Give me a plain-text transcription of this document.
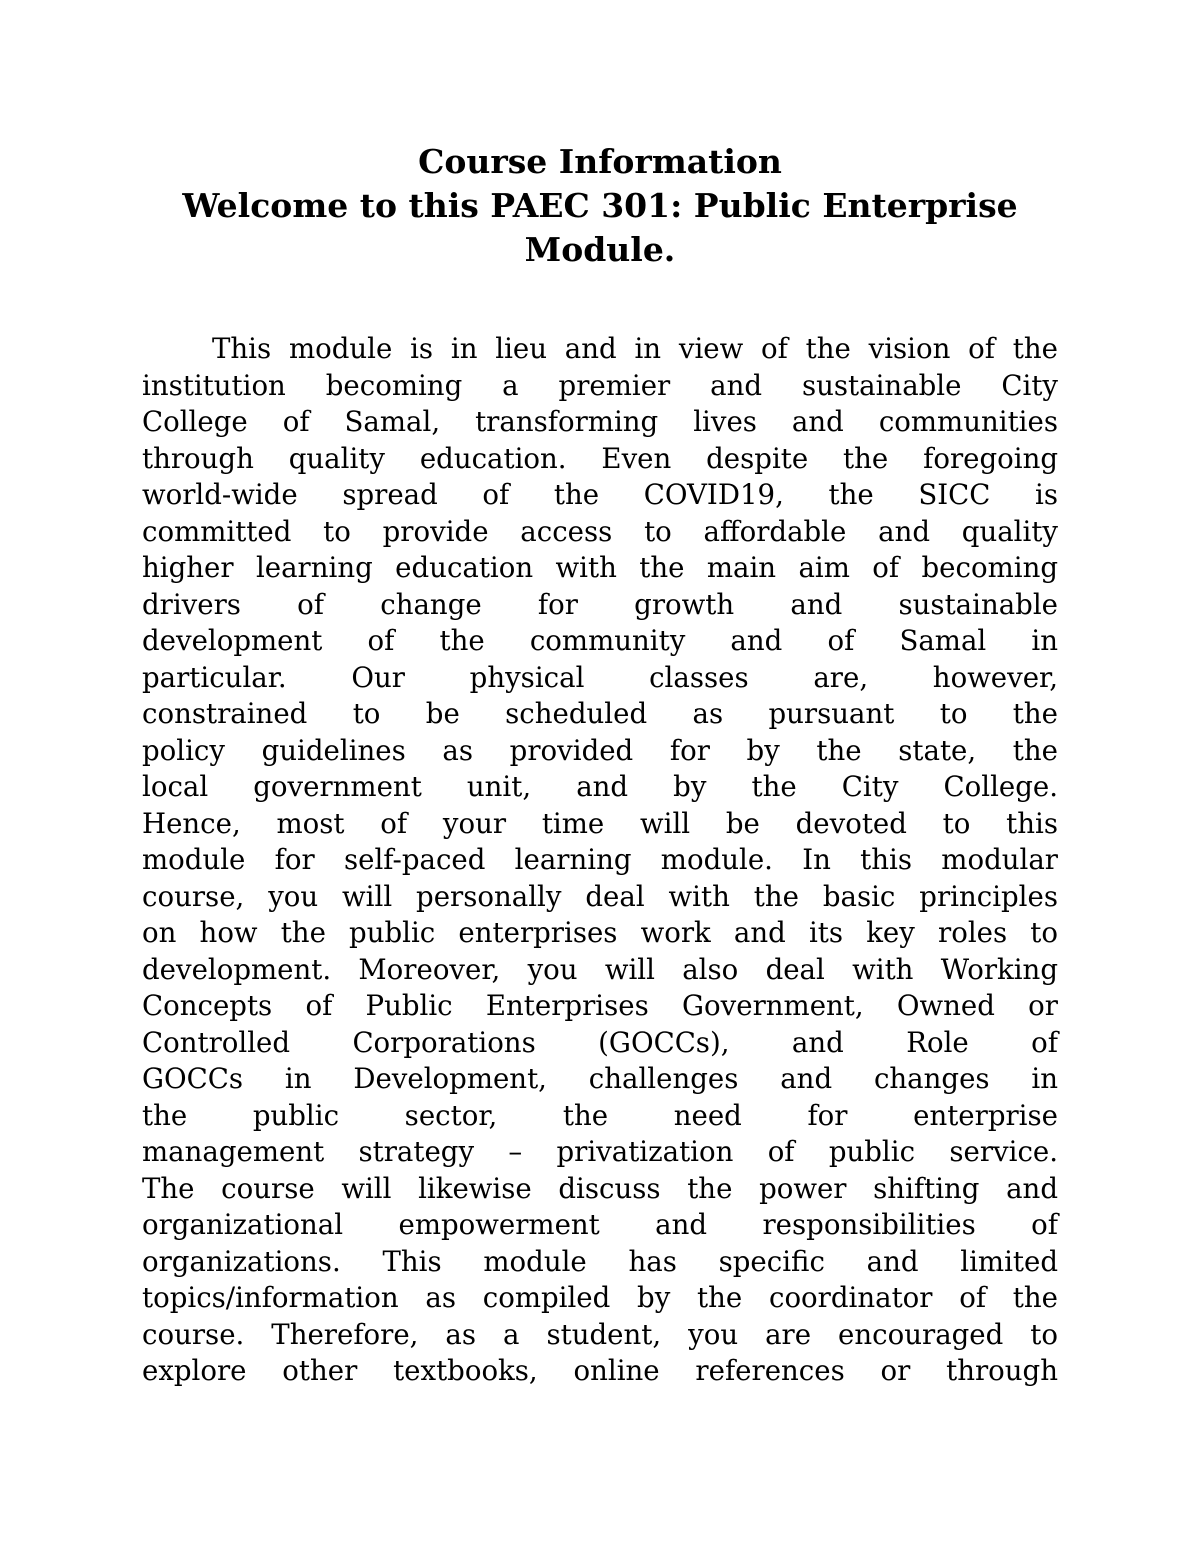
Course Information
Welcome to this PAEC 301: Public Enterprise
Module.
This module is in lieu and in view of the vision of the
institution becoming a premier and sustainable City
College of Samal, transforming lives and communities
through quality education. Even despite the foregoing
world-wide spread of the COVID19, the SICC is
committed to provide access to affordable and quality
higher learning education with the main aim of becoming
drivers of change for growth and sustainable
development of the community and of Samal in
particular. Our physical classes are, however,
constrained to be scheduled as pursuant to the
policy guidelines as provided for by the state, the
local government unit, and by the City College.
Hence, most of your time will be devoted to this
module for self-paced learning module. In this modular
course, you will personally deal with the basic principles
on how the public enterprises work and its key roles to
development. Moreover, you will also deal with Working
Concepts of Public Enterprises Government, Owned or
Controlled Corporations (GOCCs), and Role of
GOCCs in Development, challenges and changes in
the public sector, the need for enterprise
management strategy – privatization of public service.
The course will likewise discuss the power shifting and
organizational empowerment and responsibilities of
organizations. This module has specific and limited
topics/information as compiled by the coordinator of the
course. Therefore, as a student, you are encouraged to
explore other textbooks, online references or through
